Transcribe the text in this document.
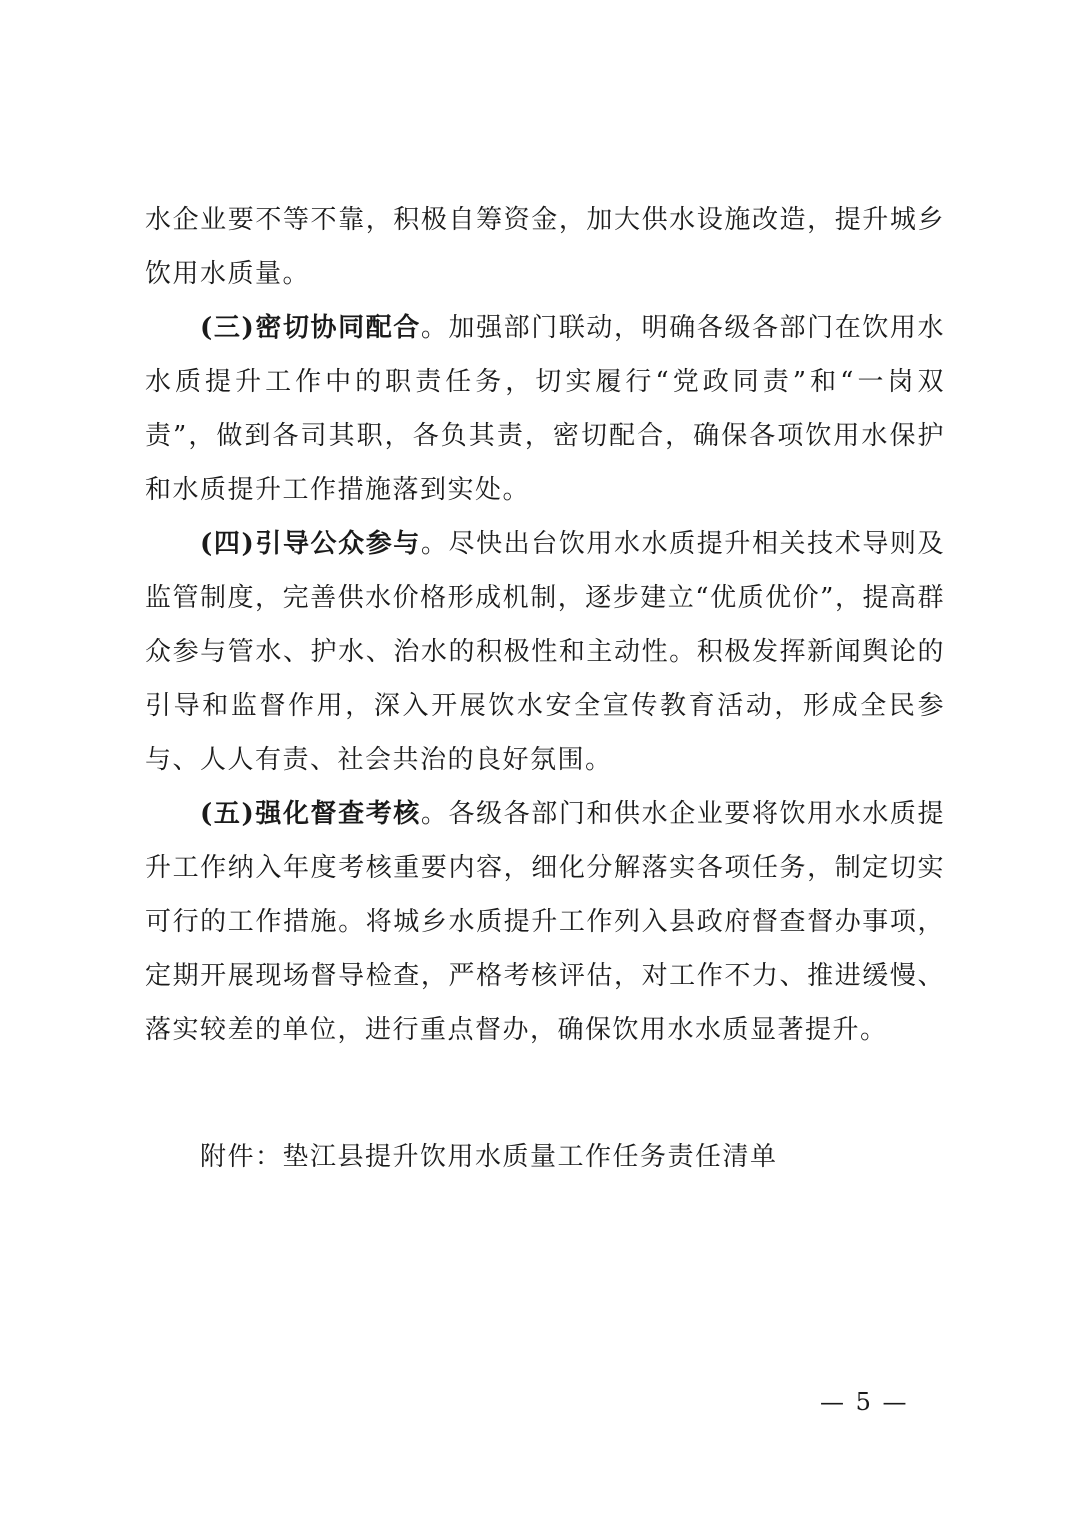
水企业要不等不靠，积极自筹资金，加大供水设施改造，提升城乡饮用水质量。

(三)密切协同配合。加强部门联动，明确各级各部门在饮用水水质提升工作中的职责任务，切实履行“党政同责”和“一岗双责”，做到各司其职，各负其责，密切配合，确保各项饮用水保护和水质提升工作措施落到实处。

(四)引导公众参与。尽快出台饮用水水质提升相关技术导则及监管制度，完善供水价格形成机制，逐步建立“优质优价”，提高群众参与管水、护水、治水的积极性和主动性。积极发挥新闻舆论的引导和监督作用，深入开展饮水安全宣传教育活动，形成全民参与、人人有责、社会共治的良好氛围。

(五)强化督查考核。各级各部门和供水企业要将饮用水水质提升工作纳入年度考核重要内容，细化分解落实各项任务，制定切实可行的工作措施。将城乡水质提升工作列入县政府督查督办事项，定期开展现场督导检查，严格考核评估，对工作不力、推进缓慢、落实较差的单位，进行重点督办，确保饮用水水质显著提升。

附件：垫江县提升饮用水质量工作任务责任清单
— 5 —
